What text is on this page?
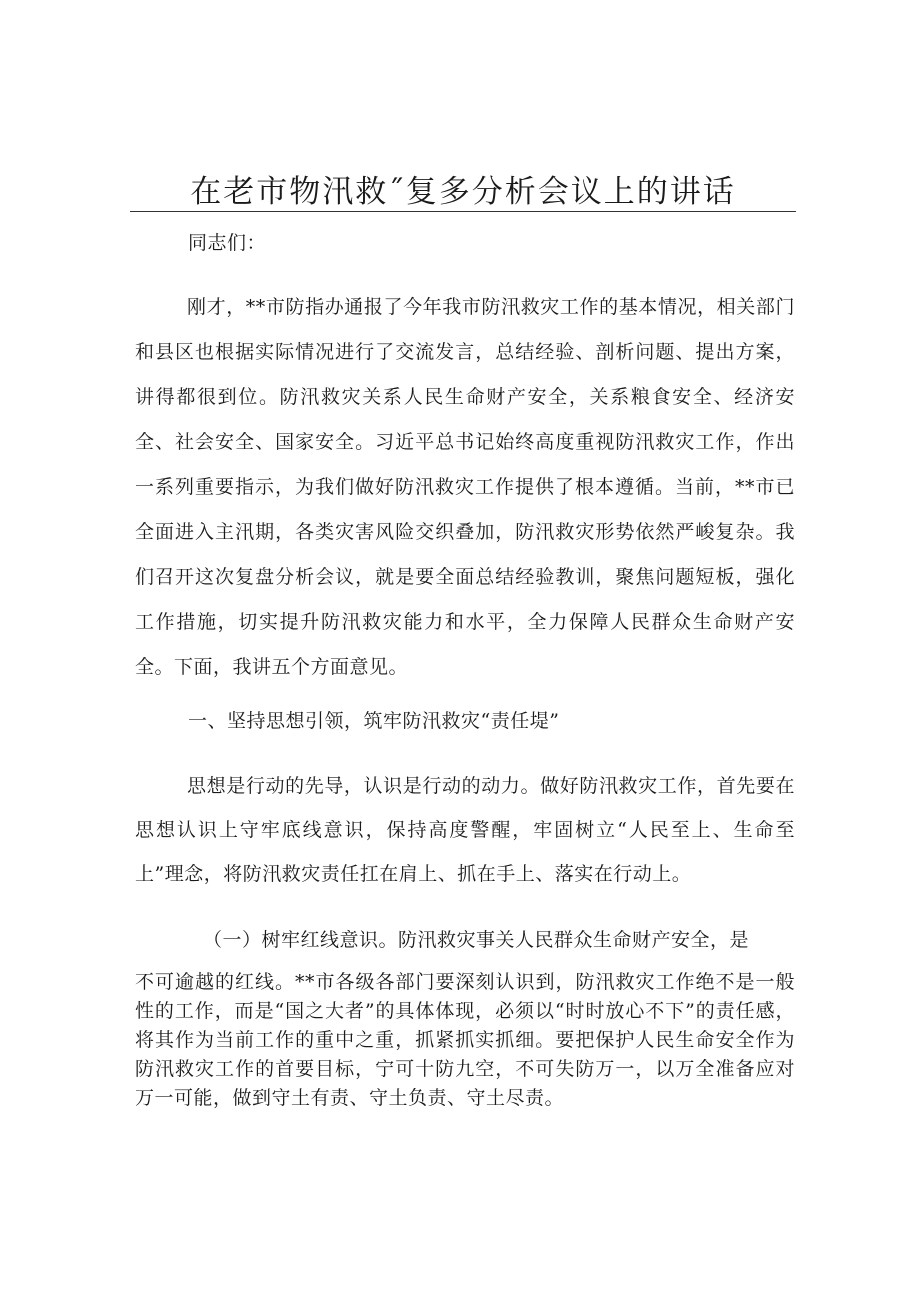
在老市物汛救˝复多分析会议上的讲话

同志们：

刚才，**市防指办通报了今年我市防汛救灾工作的基本情况，相关部门和县区也根据实际情况进行了交流发言，总结经验、剖析问题、提出方案，讲得都很到位。防汛救灾关系人民生命财产安全，关系粮食安全、经济安全、社会安全、国家安全。习近平总书记始终高度重视防汛救灾工作，作出一系列重要指示，为我们做好防汛救灾工作提供了根本遵循。当前，**市已全面进入主汛期，各类灾害风险交织叠加，防汛救灾形势依然严峻复杂。我们召开这次复盘分析会议，就是要全面总结经验教训，聚焦问题短板，强化工作措施，切实提升防汛救灾能力和水平，全力保障人民群众生命财产安全。下面，我讲五个方面意见。

一、坚持思想引领，筑牢防汛救灾“责任堤”

思想是行动的先导，认识是行动的动力。做好防汛救灾工作，首先要在思想认识上守牢底线意识，保持高度警醒，牢固树立“人民至上、生命至上”理念，将防汛救灾责任扛在肩上、抓在手上、落实在行动上。

（一）树牢红线意识。防汛救灾事关人民群众生命财产安全，是

不可逾越的红线。**市各级各部门要深刻认识到，防汛救灾工作绝不是一般性的工作，而是“国之大者”的具体体现，必须以“时时放心不下”的责任感，将其作为当前工作的重中之重，抓紧抓实抓细。要把保护人民生命安全作为防汛救灾工作的首要目标，宁可十防九空，不可失防万一，以万全准备应对万一可能，做到守土有责、守土负责、守土尽责。
